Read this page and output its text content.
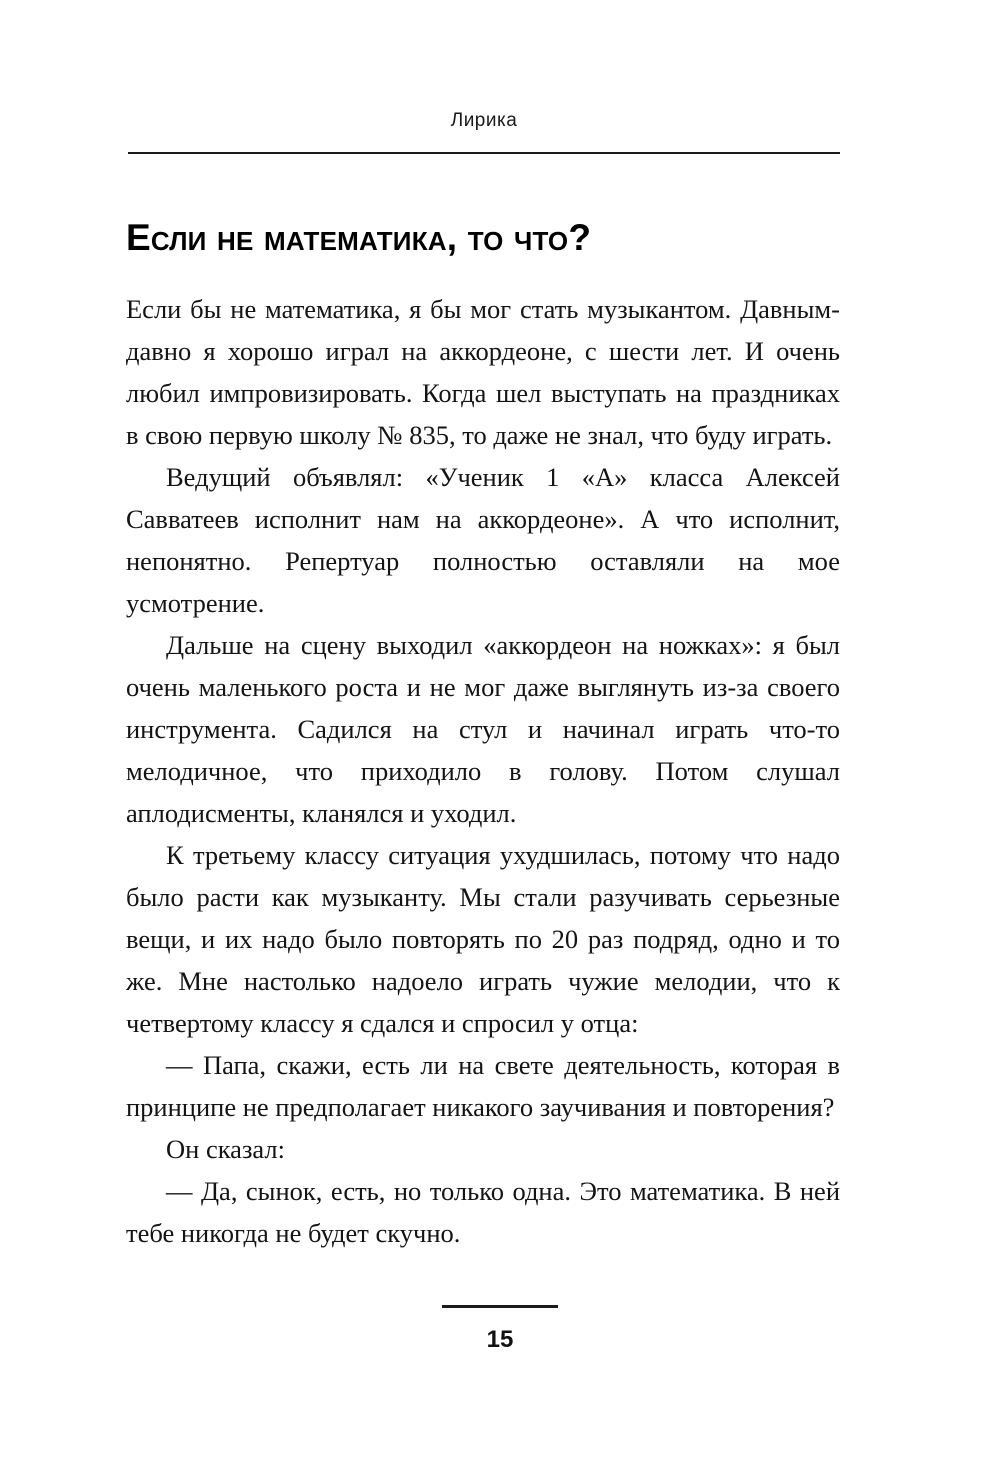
Лирика
Если не математика, то что?

Если бы не математика, я бы мог стать музыкантом. Давным-давно я хорошо играл на аккордеоне, с шести лет. И очень любил импровизировать. Когда шел выступать на праздниках в свою первую школу № 835, то даже не знал, что буду играть.

Ведущий объявлял: «Ученик 1 «А» класса Алексей Савватеев исполнит нам на аккордеоне». А что исполнит, непонятно. Репертуар полностью оставляли на мое усмотрение.

Дальше на сцену выходил «аккордеон на ножках»: я был очень маленького роста и не мог даже выглянуть из-за своего инструмента. Садился на стул и начинал играть что-то мелодичное, что приходило в голову. Потом слушал аплодисменты, кланялся и уходил.

К третьему классу ситуация ухудшилась, потому что надо было расти как музыканту. Мы стали разучивать серьезные вещи, и их надо было повторять по 20 раз подряд, одно и то же. Мне настолько надоело играть чужие мелодии, что к четвертому классу я сдался и спросил у отца:

— Папа, скажи, есть ли на свете деятельность, которая в принципе не предполагает никакого заучивания и повторения?

Он сказал:

— Да, сынок, есть, но только одна. Это математика. В ней тебе никогда не будет скучно.

15
